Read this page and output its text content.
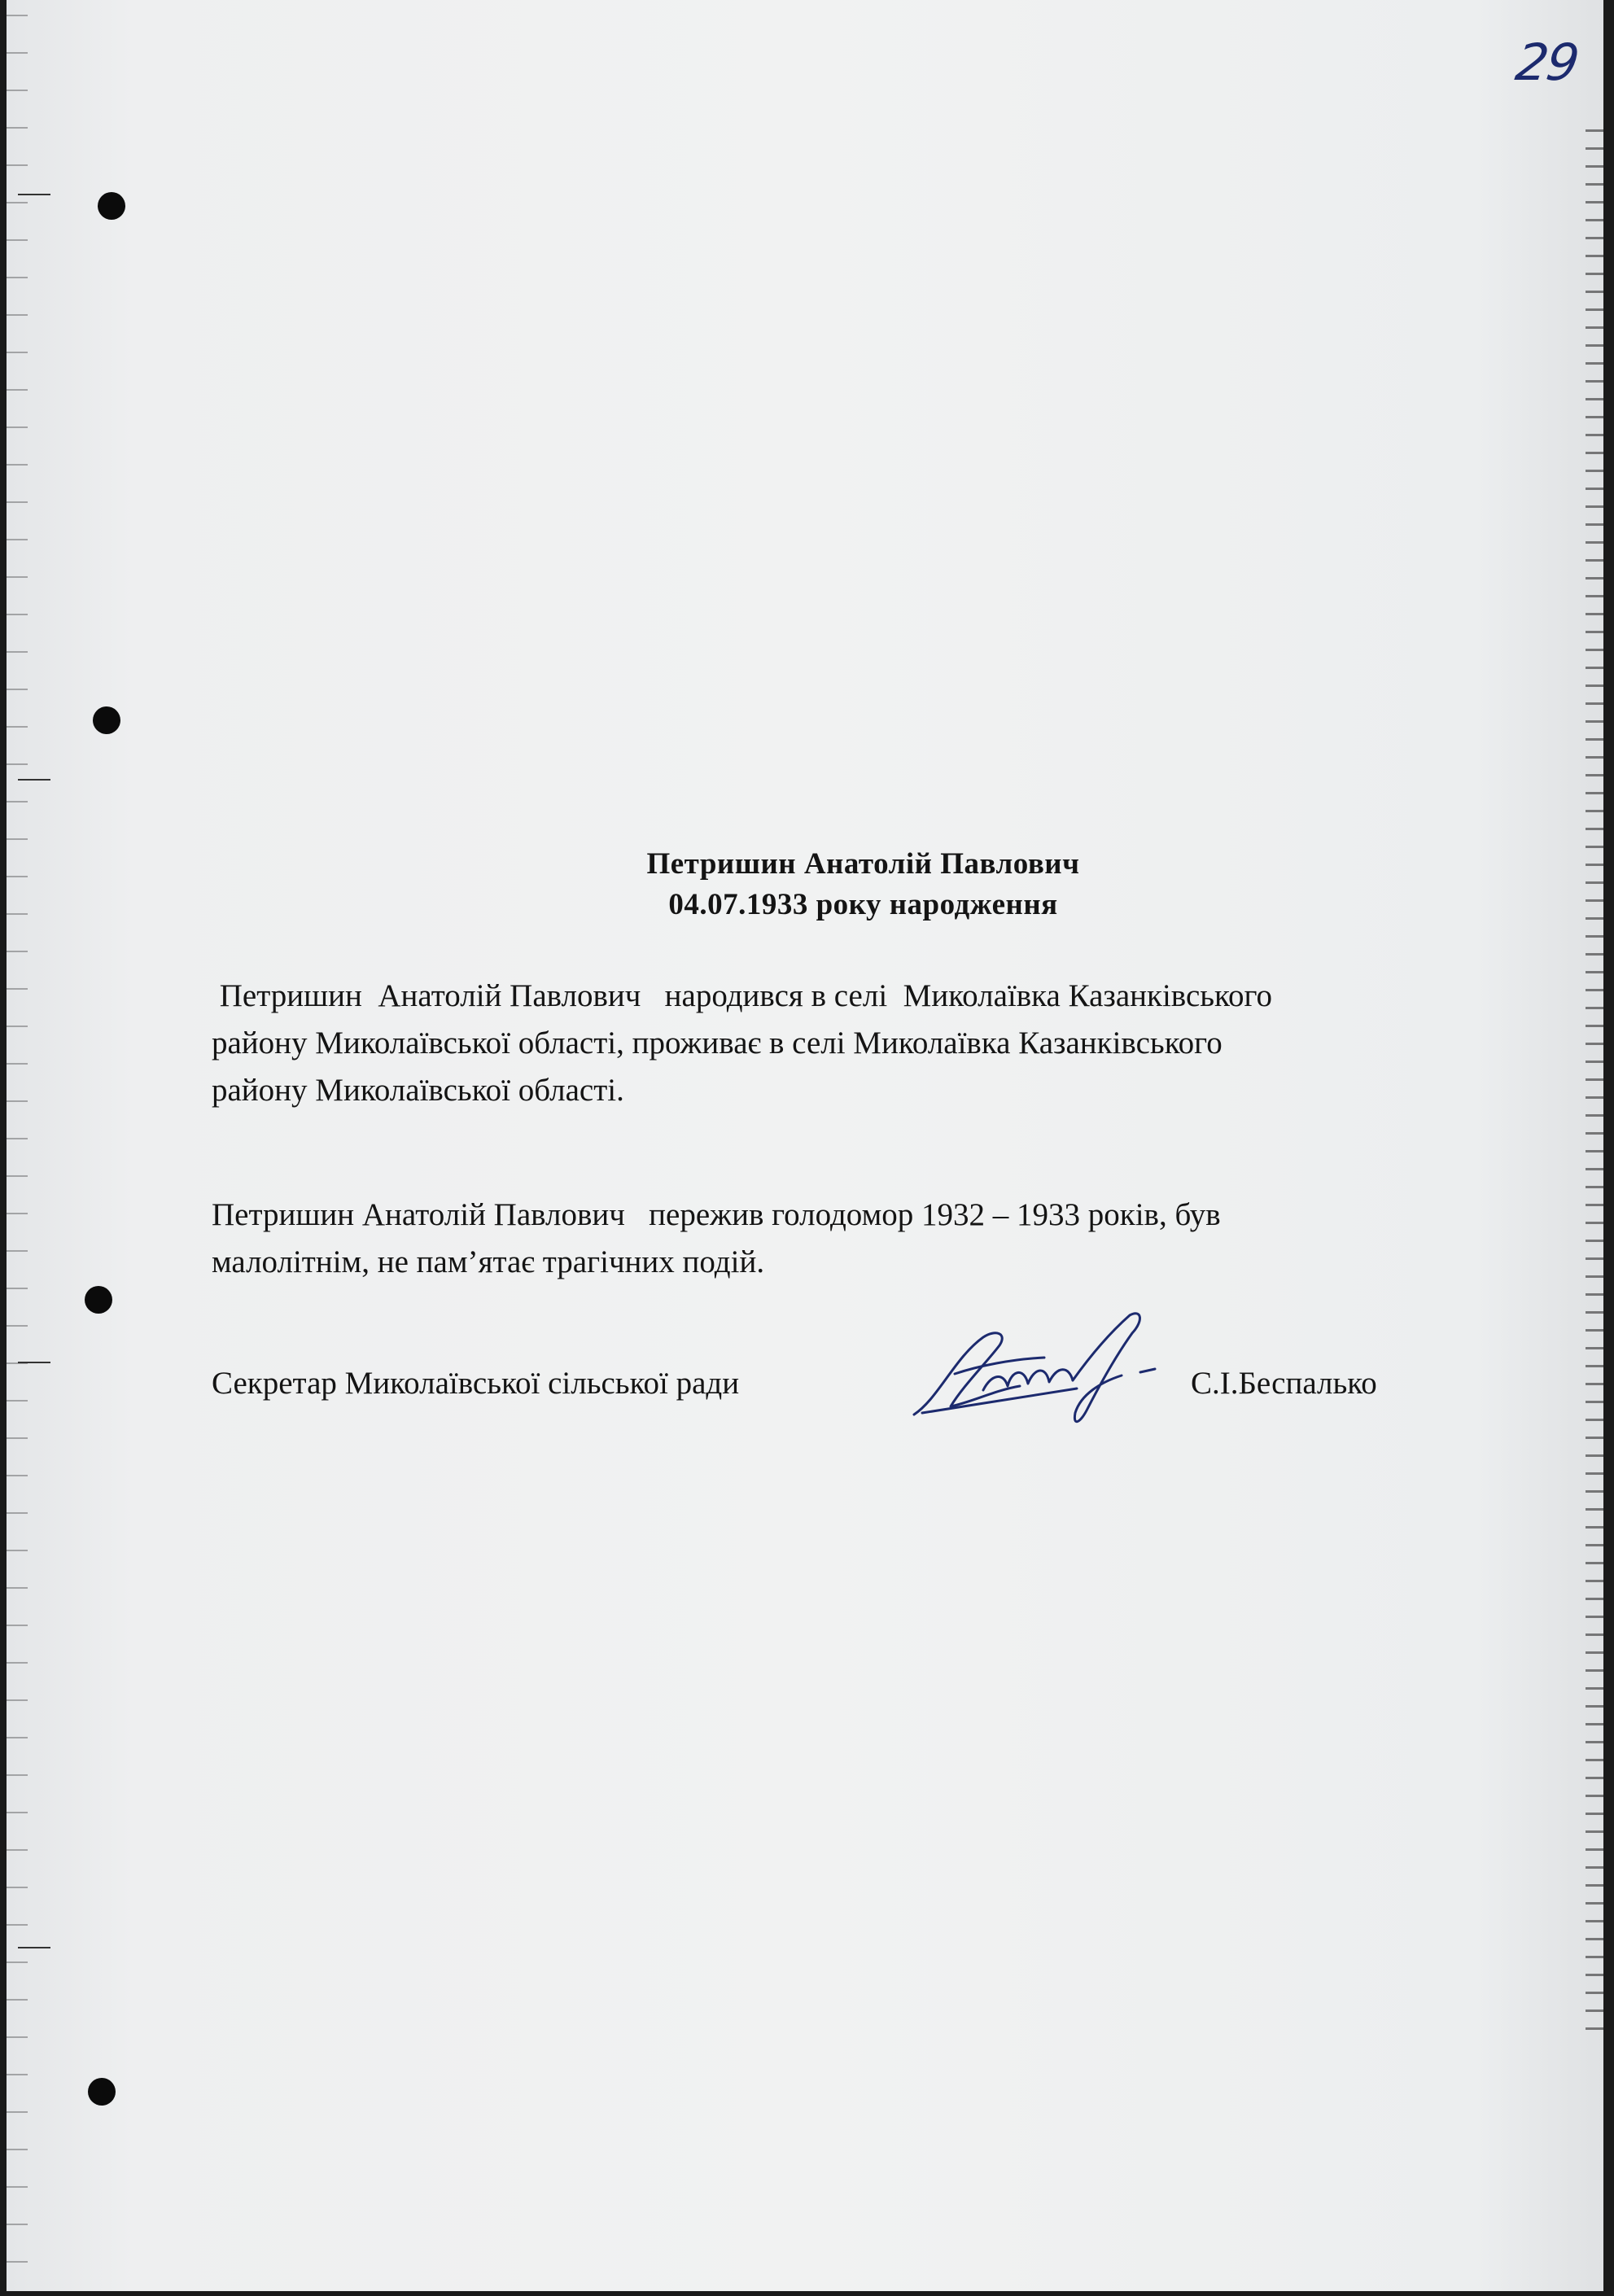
29
Петришин Анатолій Павлович
04.07.1933 року народження

Петришин  Анатолій Павлович   народився в селі  Миколаївка Казанківського
району Миколаївської області, проживає в селі Миколаївка Казанківського
району Миколаївської області.

Петришин Анатолій Павлович   пережив голодомор 1932 – 1933 років, був
малолітнім, не пам’ятає трагічних подій.

Секретар Миколаївської сільської ради	С.І.Беспалько
